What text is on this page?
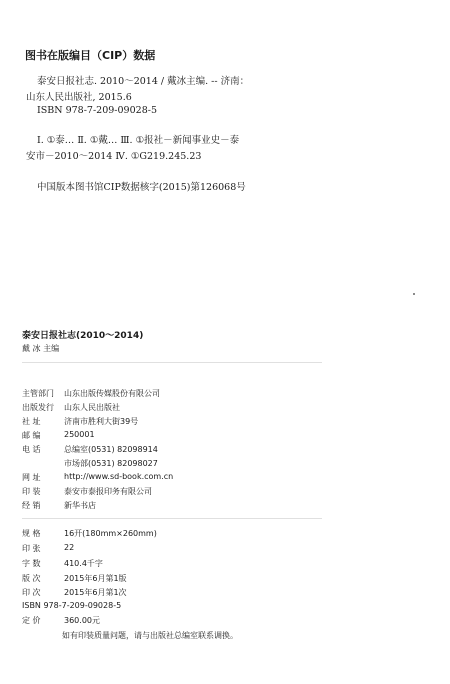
图书在版编目（CIP）数据
泰安日报社志. 2010～2014 / 戴冰主编. -- 济南：
山东人民出版社, 2015.6
ISBN 978-7-209-09028-5
Ⅰ. ①泰… Ⅱ. ①戴… Ⅲ. ①报社－新闻事业史－泰
安市－2010～2014 Ⅳ. ①G219.245.23
中国版本图书馆CIP数据核字(2015)第126068号
泰安日报社志(2010～2014)
戴 冰 主编
主管部门 山东出版传媒股份有限公司
出版发行 山东人民出版社
社 址	济南市胜利大街39号
邮 编	250001
电 话	总编室(0531) 82098914
市场部(0531) 82098027
网 址	http://www.sd-book.com.cn
印 装	泰安市泰报印务有限公司
经 销	新华书店
规 格	16开(180mm×260mm)
印 张	22
字 数	410.4千字
版 次	2015年6月第1版
印 次	2015年6月第1次
ISBN 978-7-209-09028-5
定 价	360.00元
如有印装质量问题，请与出版社总编室联系调换。
